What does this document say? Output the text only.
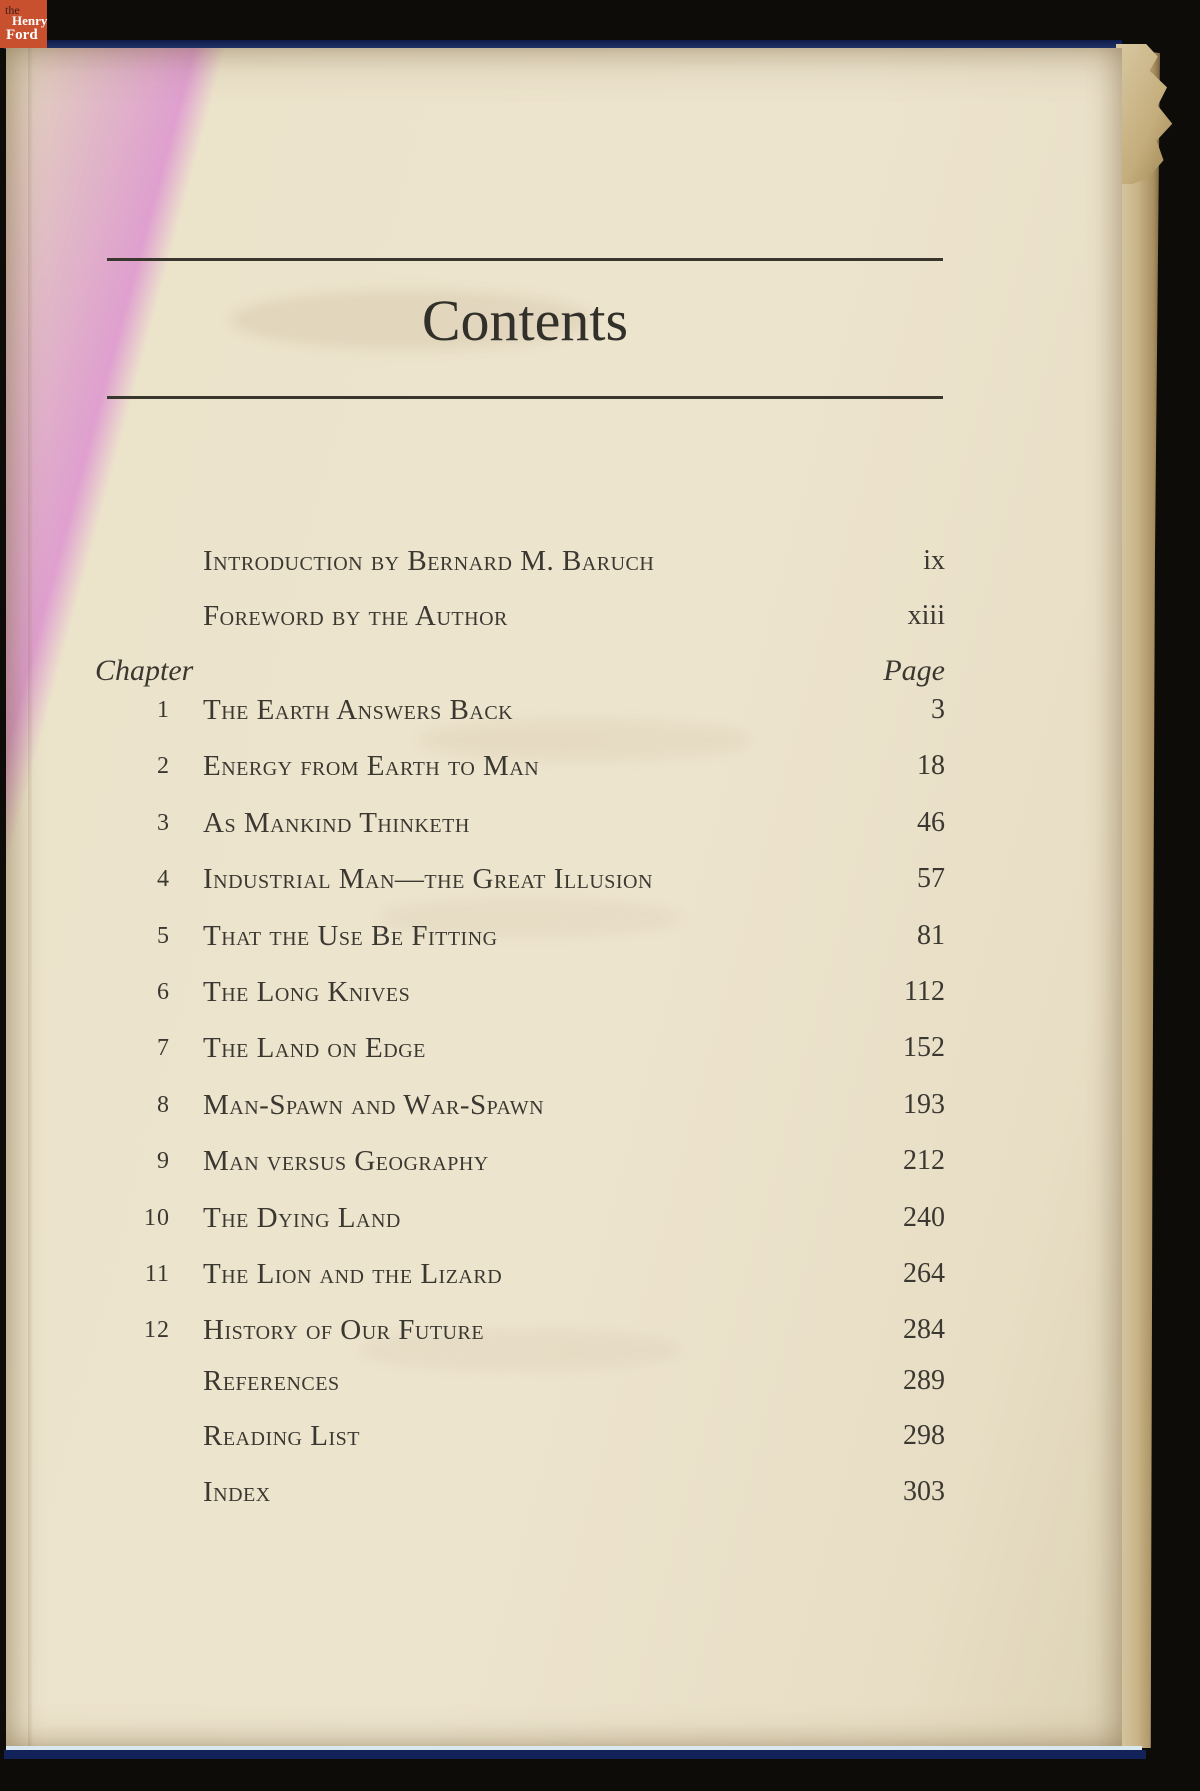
Contents
Chapter	Page
Introduction by Bernard M. Baruch	ix
Foreword by the Author	xiii
1	The Earth Answers Back	3
2	Energy from Earth to Man	18
3	As Mankind Thinketh	46
4	Industrial Man—the Great Illusion	57
5	That the Use Be Fitting	81
6	The Long Knives	112
7	The Land on Edge	152
8	Man-Spawn and War-Spawn	193
9	Man versus Geography	212
10	The Dying Land	240
11	The Lion and the Lizard	264
12	History of Our Future	284
References	289
Reading List	298
Index	303
the
Henry
Ford
